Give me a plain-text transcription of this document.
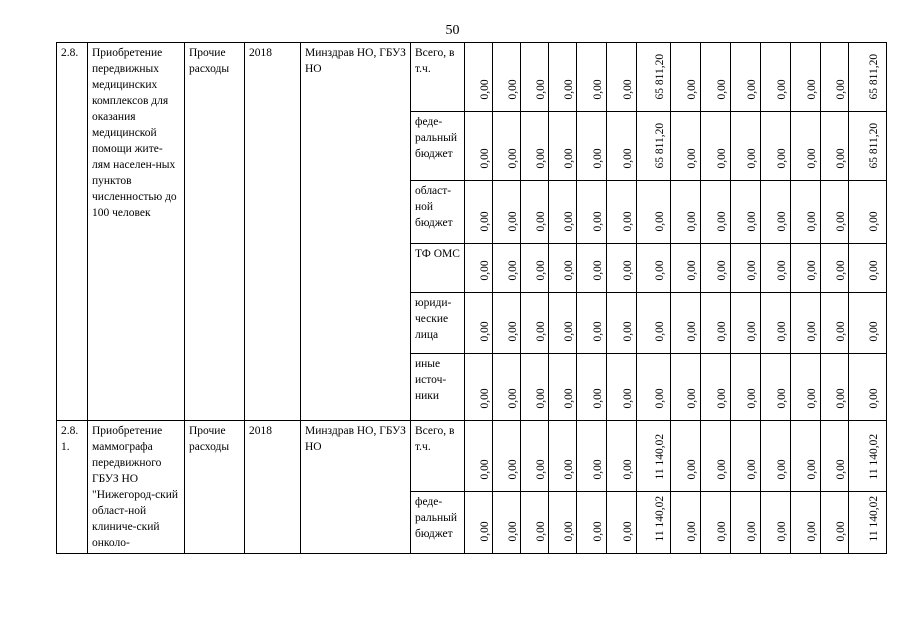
50
2.8.	Приобретение передвижных медицинских комплексов для оказания медицинской помощи жите-лям населен-ных пунктов численностью до 100 человек	Прочие расходы	2018	Минздрав НО, ГБУЗ НО	Всего, в т.ч.	0,00	0,00	0,00	0,00	0,00	0,00	65 811,20	0,00	0,00	0,00	0,00	0,00	0,00	65 811,20

					феде-ральный бюджет	0,00	0,00	0,00	0,00	0,00	0,00	65 811,20	0,00	0,00	0,00	0,00	0,00	0,00	65 811,20

					област-ной бюджет	0,00	0,00	0,00	0,00	0,00	0,00	0,00	0,00	0,00	0,00	0,00	0,00	0,00	0,00

					ТФ ОМС	0,00	0,00	0,00	0,00	0,00	0,00	0,00	0,00	0,00	0,00	0,00	0,00	0,00	0,00

					юриди-ческие лица	0,00	0,00	0,00	0,00	0,00	0,00	0,00	0,00	0,00	0,00	0,00	0,00	0,00	0,00

					иные источ-ники	0,00	0,00	0,00	0,00	0,00	0,00	0,00	0,00	0,00	0,00	0,00	0,00	0,00	0,00

2.8. 1.	Приобретение маммографа передвижного ГБУЗ НО "Нижегород-ский област-ной клиниче-ский онколо-	Прочие расходы	2018	Минздрав НО, ГБУЗ НО	Всего, в т.ч.	0,00	0,00	0,00	0,00	0,00	0,00	11 140,02	0,00	0,00	0,00	0,00	0,00	0,00	11 140,02

					феде-ральный бюджет	0,00	0,00	0,00	0,00	0,00	0,00	11 140,02	0,00	0,00	0,00	0,00	0,00	0,00	11 140,02
